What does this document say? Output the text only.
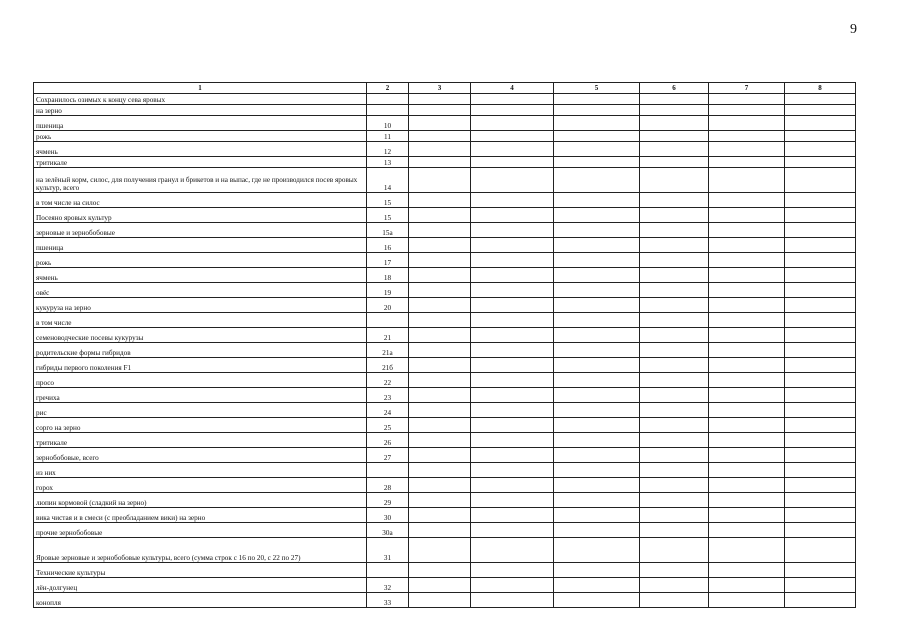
9
1	2	3	4	5	6	7	8
Сохранилось озимых к концу сева яровых							
на зерно							
пшеница	10						
рожь	11						
ячмень	12						
тритикале	13						
на зелёный корм, силос, для получения гранул и брикетов и на выпас, где не производился посев яровых культур, всего	14						
в том числе на силос	15						
Посеяно яровых культур	15						
зерновые и зернобобовые	15а						
пшеница	16						
рожь	17						
ячмень	18						
овёс	19						
кукуруза на зерно	20						
в том числе							
семеноводческие посевы кукурузы	21						
родительские формы гибридов	21а						
гибриды первого поколения F1	21б						
просо	22						
гречиха	23						
рис	24						
сорго на зерно	25						
тритикале	26						
зернобобовые, всего	27						
из них							
горох	28						
люпин кормовой (сладкий на зерно)	29						
вика чистая и в смеси (с преобладанием вики) на зерно	30						
прочие зернобобовые	30а						
Яровые зерновые и зернобобовые культуры, всего (сумма строк с 16 по 20, с 22 по 27)	31						
Технические культуры							
лён-долгунец	32						
конопля	33						
